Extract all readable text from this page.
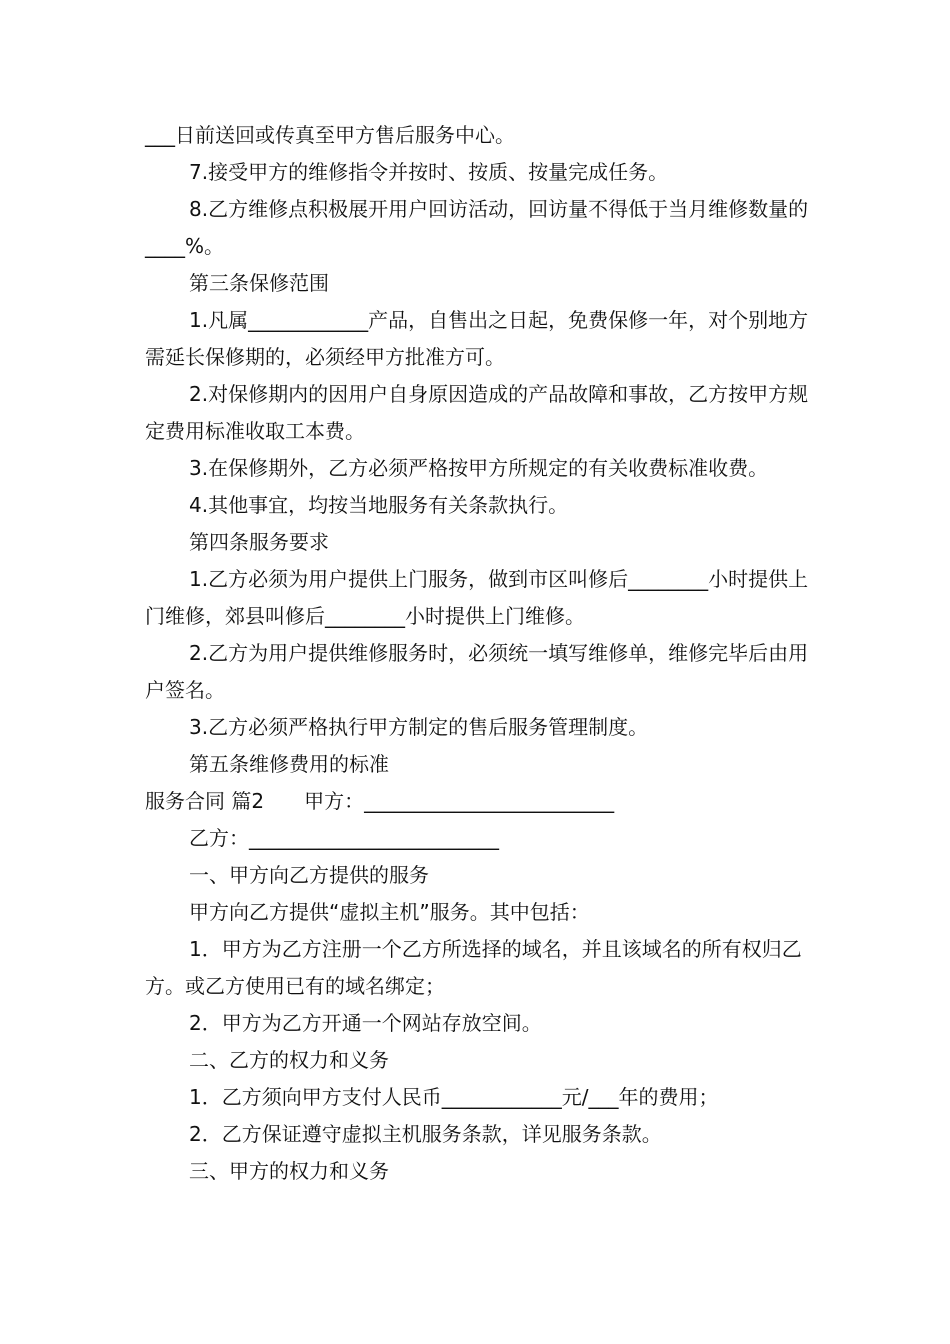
___日前送回或传真至甲方售后服务中心。

7.接受甲方的维修指令并按时、按质、按量完成任务。

8.乙方维修点积极展开用户回访活动，回访量不得低于当月维修数量的____%。

第三条保修范围

1.凡属____________产品，自售出之日起，免费保修一年，对个别地方需延长保修期的，必须经甲方批准方可。

2.对保修期内的因用户自身原因造成的产品故障和事故，乙方按甲方规定费用标准收取工本费。

3.在保修期外，乙方必须严格按甲方所规定的有关收费标准收费。

4.其他事宜，均按当地服务有关条款执行。

第四条服务要求

1.乙方必须为用户提供上门服务，做到市区叫修后________小时提供上门维修，郊县叫修后________小时提供上门维修。

2.乙方为用户提供维修服务时，必须统一填写维修单，维修完毕后由用户签名。

3.乙方必须严格执行甲方制定的售后服务管理制度。

第五条维修费用的标准

服务合同 篇2　　甲方：_________________________

乙方：_________________________

一、甲方向乙方提供的服务

甲方向乙方提供“虚拟主机”服务。其中包括：

1．甲方为乙方注册一个乙方所选择的域名，并且该域名的所有权归乙方。或乙方使用已有的域名绑定；

2．甲方为乙方开通一个网站存放空间。

二、乙方的权力和义务

1．乙方须向甲方支付人民币____________元/___年的费用；

2．乙方保证遵守虚拟主机服务条款，详见服务条款。

三、甲方的权力和义务
